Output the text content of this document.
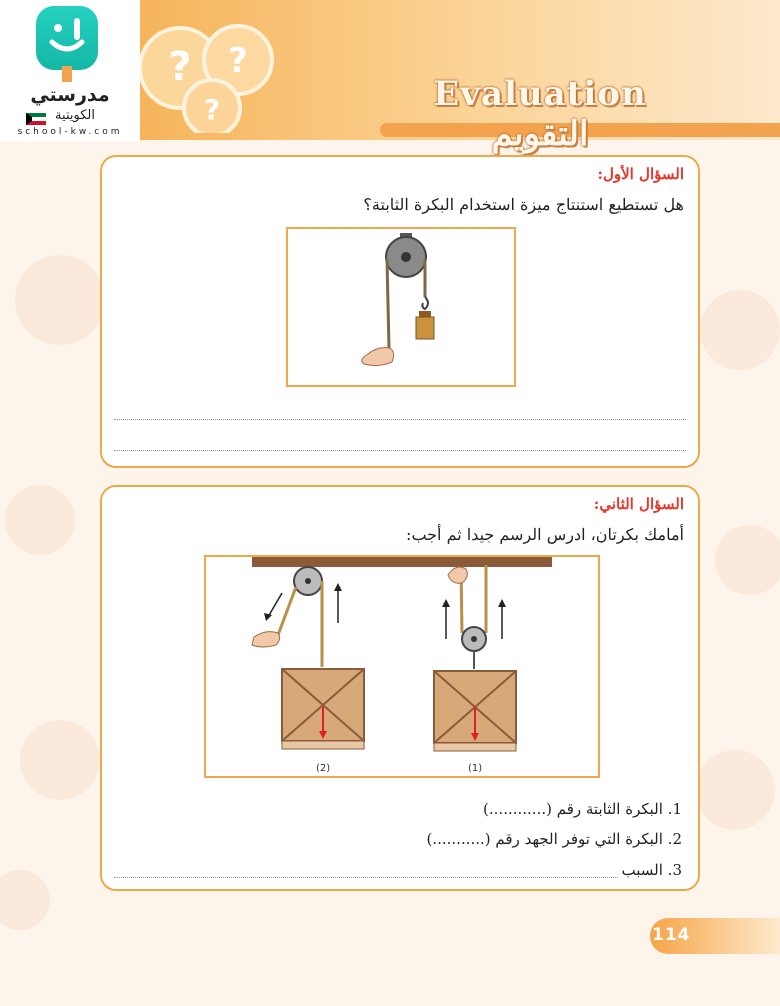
? ?
?
مدرستي
الكويتية
school-kw.com
Evaluation التقويم
السؤال الأول:
هل تستطيع استنتاج ميزة استخدام البكرة الثابتة؟
السؤال الثاني:
أمامك بكرتان، ادرس الرسم جيدا ثم أجب:
(2)	(1)
1. البكرة الثابتة رقم (............)
2. البكرة التي توفر الجهد رقم (...........)
3. السبب
114
